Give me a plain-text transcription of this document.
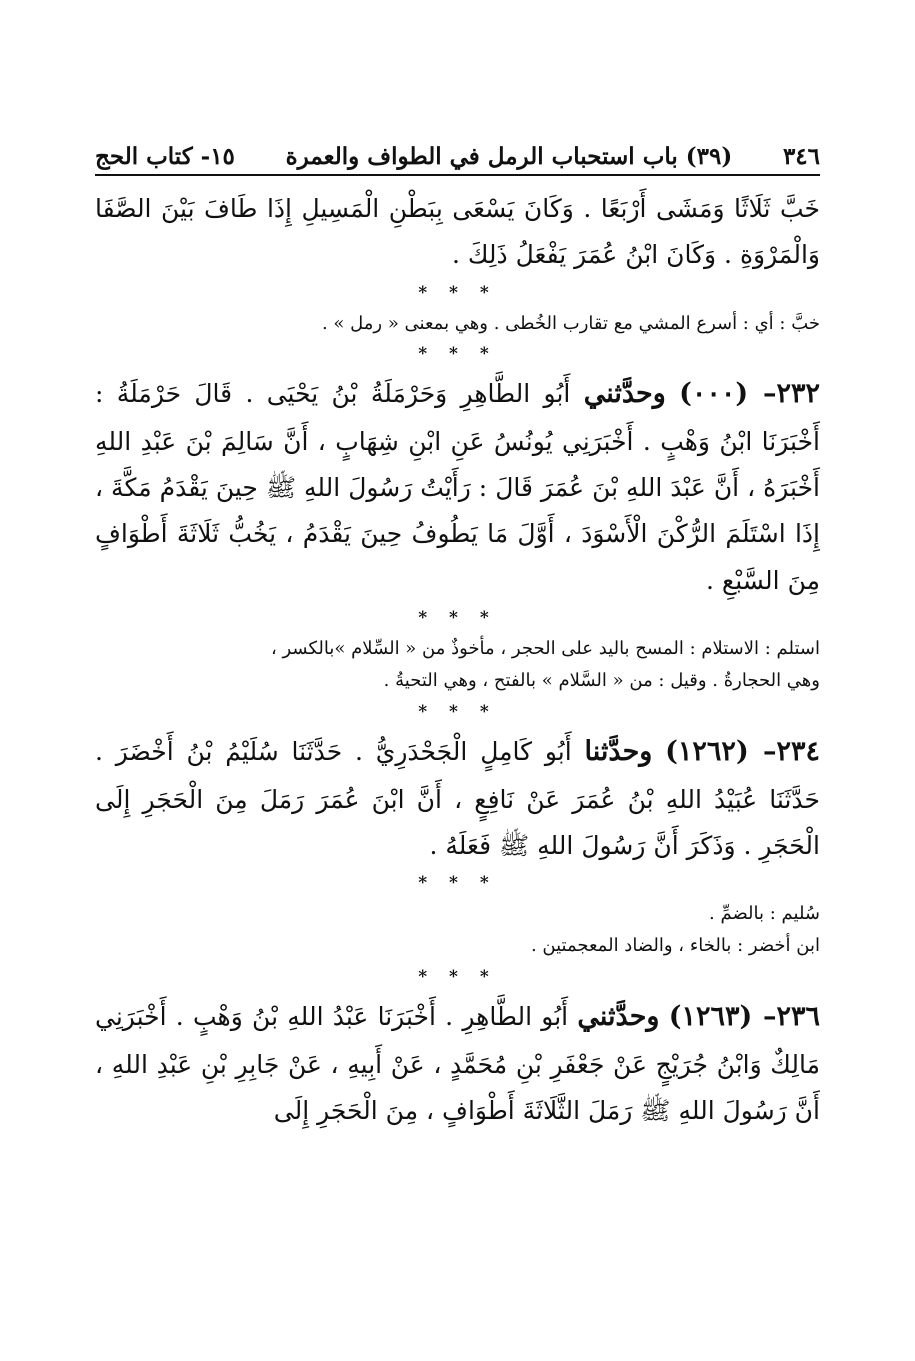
٣٤٦
(٣٩) باب استحباب الرمل في الطواف والعمرة
١٥- كتاب الحج

خَبَّ ثَلَاثًا وَمَشَى أَرْبَعًا . وَكَانَ يَسْعَى بِبَطْنِ الْمَسِيلِ إِذَا طَافَ بَيْنَ الصَّفَا وَالْمَرْوَةِ . وَكَانَ ابْنُ عُمَرَ يَفْعَلُ ذَلِكَ .

* * *

خبَّ : أي : أسرع المشي مع تقارب الخُطى . وهي بمعنى « رمل » .

* * *

٢٣٢– (٠٠٠) وحدَّثني أَبُو الطَّاهِرِ وَحَرْمَلَةُ بْنُ يَحْيَى . قَالَ حَرْمَلَةُ : أَخْبَرَنَا ابْنُ وَهْبٍ . أَخْبَرَنِي يُونُسُ عَنِ ابْنِ شِهَابٍ ، أَنَّ سَالِمَ بْنَ عَبْدِ اللهِ أَخْبَرَهُ ، أَنَّ عَبْدَ اللهِ بْنَ عُمَرَ قَالَ : رَأَيْتُ رَسُولَ اللهِ ﷺ حِينَ يَقْدَمُ مَكَّةَ ، إِذَا اسْتَلَمَ الرُّكْنَ الْأَسْوَدَ ، أَوَّلَ مَا يَطُوفُ حِينَ يَقْدَمُ ، يَخُبُّ ثَلَاثَةَ أَطْوَافٍ مِنَ السَّبْعِ .

* * *

استلم : الاستلام : المسح باليد على الحجر ، مأخوذٌ من « السِّلام »بالكسر ،
وهي الحجارةُ . وقيل : من « السَّلام » بالفتح ، وهي التحيةُ .

* * *

٢٣٤– (١٢٦٢) وحدَّثنا أَبُو كَامِلٍ الْجَحْدَرِيُّ . حَدَّثَنَا سُلَيْمُ بْنُ أَخْضَرَ . حَدَّثَنَا عُبَيْدُ اللهِ بْنُ عُمَرَ عَنْ نَافِعٍ ، أَنَّ ابْنَ عُمَرَ رَمَلَ مِنَ الْحَجَرِ إِلَى الْحَجَرِ . وَذَكَرَ أَنَّ رَسُولَ اللهِ ﷺ فَعَلَهُ .

* * *

سُليم : بالضمِّ .
ابن أخضر : بالخاء ، والضاد المعجمتين .

* * *

٢٣٦– (١٢٦٣) وحدَّثني أَبُو الطَّاهِرِ . أَخْبَرَنَا عَبْدُ اللهِ بْنُ وَهْبٍ . أَخْبَرَنِي مَالِكٌ وَابْنُ جُرَيْجٍ عَنْ جَعْفَرِ بْنِ مُحَمَّدٍ ، عَنْ أَبِيهِ ، عَنْ جَابِرِ بْنِ عَبْدِ اللهِ ، أَنَّ رَسُولَ اللهِ ﷺ رَمَلَ الثَّلَاثَةَ أَطْوَافٍ ، مِنَ الْحَجَرِ إِلَى
